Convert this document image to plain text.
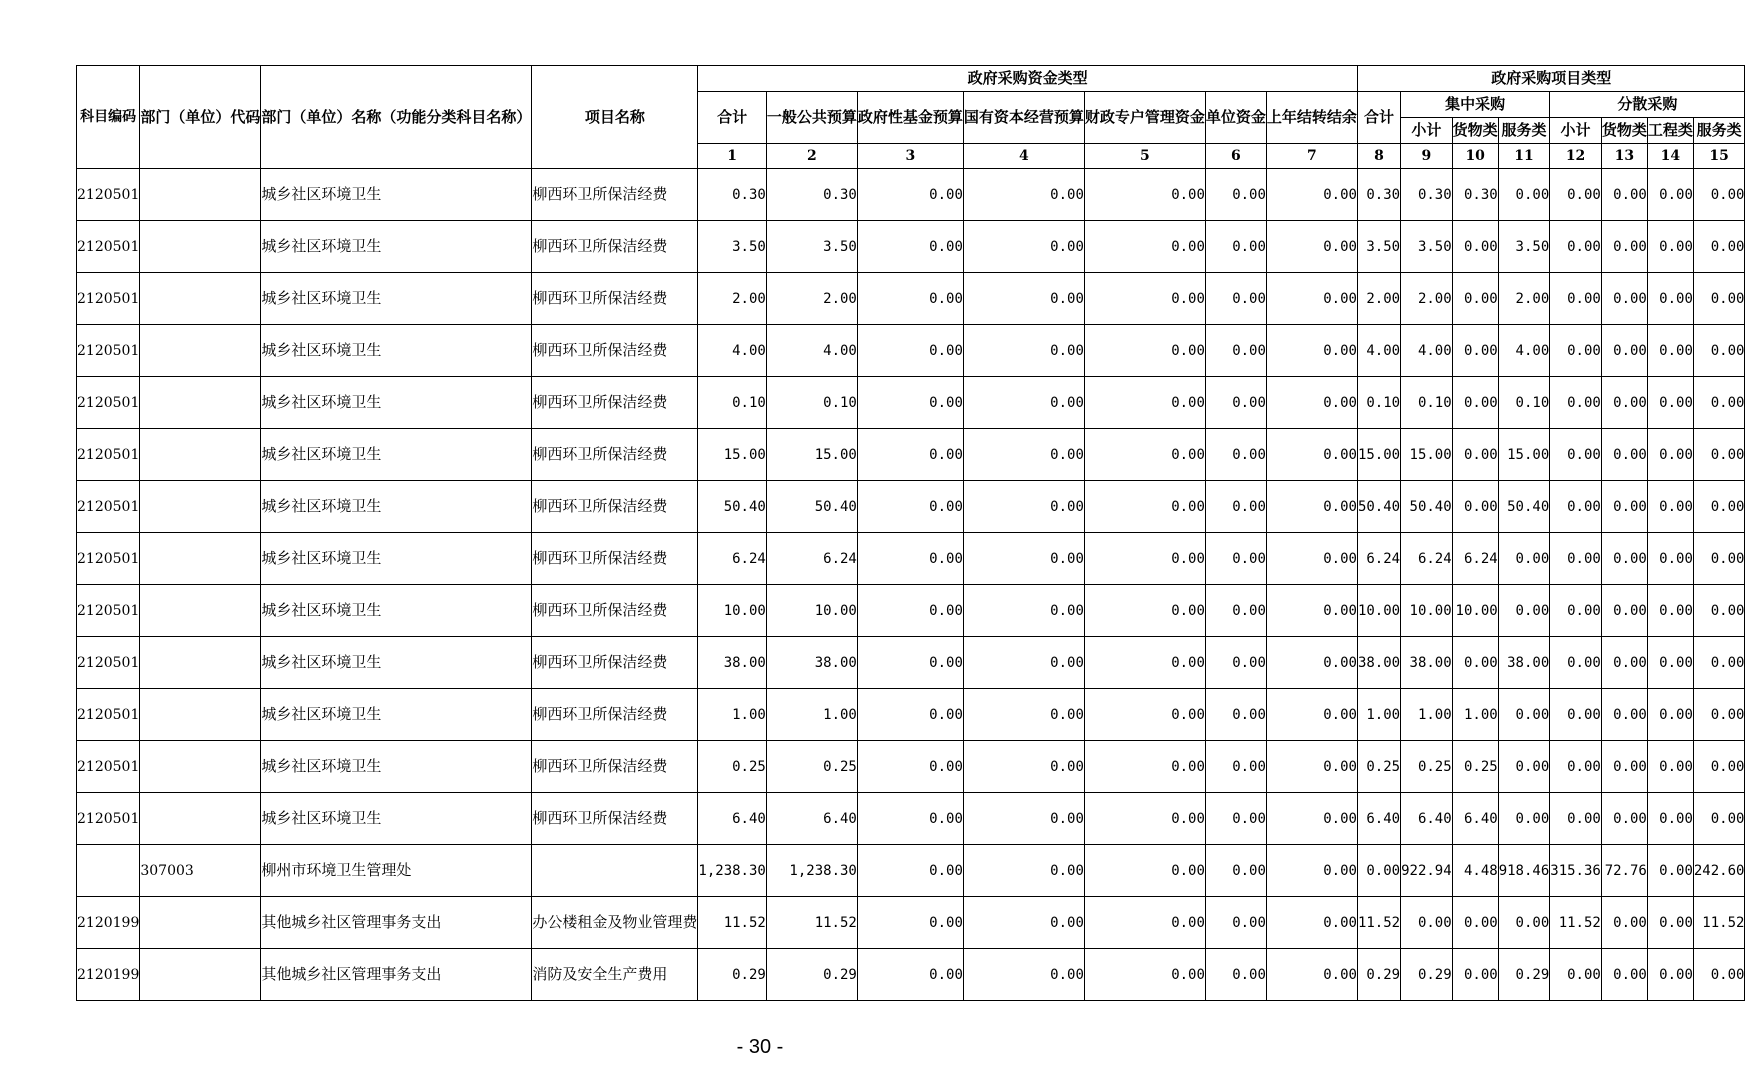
科目编码	部门（单位）代码	部门（单位）名称（功能分类科目名称）	项目名称	政府采购资金类型							政府采购项目类型							
				合计	一般公共预算	政府性基金预算	国有资本经营预算	财政专户管理资金	单位资金	上年结转结余	合计	集中采购			分散采购			
												小计	货物类	服务类	小计	货物类	工程类	服务类
				1	2	3	4	5	6	7	8	9	10	11	12	13	14	15
2120501		城乡社区环境卫生	柳西环卫所保洁经费	0.30	0.30	0.00	0.00	0.00	0.00	0.00	0.30	0.30	0.30	0.00	0.00	0.00	0.00	0.00
2120501		城乡社区环境卫生	柳西环卫所保洁经费	3.50	3.50	0.00	0.00	0.00	0.00	0.00	3.50	3.50	0.00	3.50	0.00	0.00	0.00	0.00
2120501		城乡社区环境卫生	柳西环卫所保洁经费	2.00	2.00	0.00	0.00	0.00	0.00	0.00	2.00	2.00	0.00	2.00	0.00	0.00	0.00	0.00
2120501		城乡社区环境卫生	柳西环卫所保洁经费	4.00	4.00	0.00	0.00	0.00	0.00	0.00	4.00	4.00	0.00	4.00	0.00	0.00	0.00	0.00
2120501		城乡社区环境卫生	柳西环卫所保洁经费	0.10	0.10	0.00	0.00	0.00	0.00	0.00	0.10	0.10	0.00	0.10	0.00	0.00	0.00	0.00
2120501		城乡社区环境卫生	柳西环卫所保洁经费	15.00	15.00	0.00	0.00	0.00	0.00	0.00	15.00	15.00	0.00	15.00	0.00	0.00	0.00	0.00
2120501		城乡社区环境卫生	柳西环卫所保洁经费	50.40	50.40	0.00	0.00	0.00	0.00	0.00	50.40	50.40	0.00	50.40	0.00	0.00	0.00	0.00
2120501		城乡社区环境卫生	柳西环卫所保洁经费	6.24	6.24	0.00	0.00	0.00	0.00	0.00	6.24	6.24	6.24	0.00	0.00	0.00	0.00	0.00
2120501		城乡社区环境卫生	柳西环卫所保洁经费	10.00	10.00	0.00	0.00	0.00	0.00	0.00	10.00	10.00	10.00	0.00	0.00	0.00	0.00	0.00
2120501		城乡社区环境卫生	柳西环卫所保洁经费	38.00	38.00	0.00	0.00	0.00	0.00	0.00	38.00	38.00	0.00	38.00	0.00	0.00	0.00	0.00
2120501		城乡社区环境卫生	柳西环卫所保洁经费	1.00	1.00	0.00	0.00	0.00	0.00	0.00	1.00	1.00	1.00	0.00	0.00	0.00	0.00	0.00
2120501		城乡社区环境卫生	柳西环卫所保洁经费	0.25	0.25	0.00	0.00	0.00	0.00	0.00	0.25	0.25	0.25	0.00	0.00	0.00	0.00	0.00
2120501		城乡社区环境卫生	柳西环卫所保洁经费	6.40	6.40	0.00	0.00	0.00	0.00	0.00	6.40	6.40	6.40	0.00	0.00	0.00	0.00	0.00
	307003	柳州市环境卫生管理处		1,238.30	1,238.30	0.00	0.00	0.00	0.00	0.00	0.00	922.94	4.48	918.46	315.36	72.76	0.00	242.60
2120199		其他城乡社区管理事务支出	办公楼租金及物业管理费	11.52	11.52	0.00	0.00	0.00	0.00	0.00	11.52	0.00	0.00	0.00	11.52	0.00	0.00	11.52
2120199		其他城乡社区管理事务支出	消防及安全生产费用	0.29	0.29	0.00	0.00	0.00	0.00	0.00	0.29	0.29	0.00	0.29	0.00	0.00	0.00	0.00
- 30 -
